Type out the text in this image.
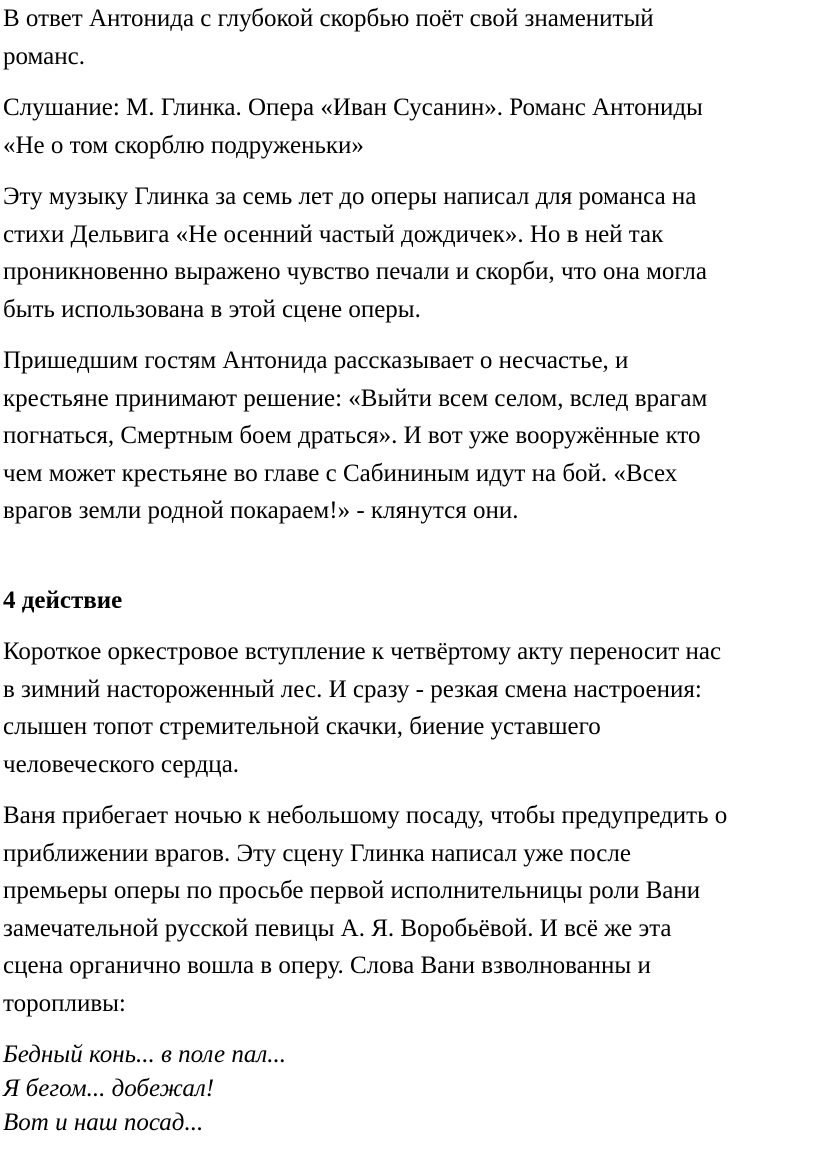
В ответ Антонида с глубокой скорбью поёт свой знаменитый
романс.

Слушание: М. Глинка. Опера «Иван Сусанин». Романс Антониды
«Не о том скорблю подруженьки»

Эту музыку Глинка за семь лет до оперы написал для романса на
стихи Дельвига «Не осенний частый дождичек». Но в ней так
проникновенно выражено чувство печали и скорби, что она могла
быть использована в этой сцене оперы.

Пришедшим гостям Антонида рассказывает о несчастье, и
крестьяне принимают решение: «Выйти всем селом, вслед врагам
погнаться, Смертным боем драться». И вот уже вооружённые кто
чем может крестьяне во главе с Сабининым идут на бой. «Всех
врагов земли родной покараем!» - клянутся они.

4 действие

Короткое оркестровое вступление к четвёртому акту переносит нас
в зимний настороженный лес. И сразу - резкая смена настроения:
слышен топот стремительной скачки, биение уставшего
человеческого сердца.

Ваня прибегает ночью к небольшому посаду, чтобы предупредить о
приближении врагов. Эту сцену Глинка написал уже после
премьеры оперы по просьбе первой исполнительницы роли Вани
замечательной русской певицы А. Я. Воробьёвой. И всё же эта
сцена органично вошла в оперу. Слова Вани взволнованны и
торопливы:

Бедный конь... в поле пал...
Я бегом... добежал!
Вот и наш посад...
